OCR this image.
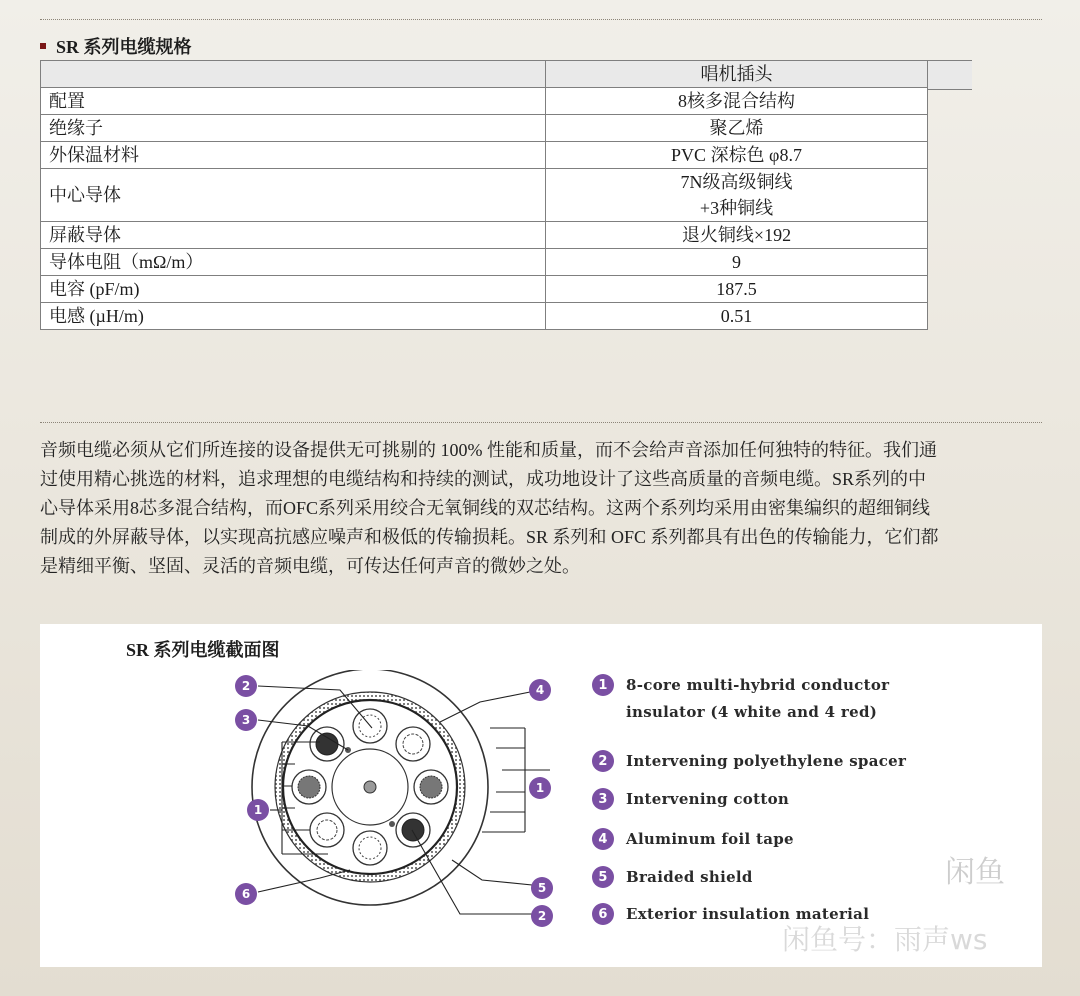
SR 系列电缆规格
	唱机插头
配置	8核多混合结构
绝缘子	聚乙烯
外保温材料	PVC 深棕色 φ8.7
中心导体	7N级高级铜线
+3种铜线

屏蔽导体	退火铜线×192
导体电阻（mΩ/m）	9
电容 (pF/m)	187.5
电感 (µH/m)	0.51
音频电缆必须从它们所连接的设备提供无可挑剔的 100% 性能和质量，而不会给声音添加任何独特的特征。我们通
过使用精心挑选的材料，追求理想的电缆结构和持续的测试，成功地设计了这些高质量的音频电缆。SR系列的中
心导体采用8芯多混合结构，而OFC系列采用绞合无氧铜线的双芯结构。这两个系列均采用由密集编织的超细铜线
制成的外屏蔽导体，以实现高抗感应噪声和极低的传输损耗。SR 系列和 OFC 系列都具有出色的传输能力，它们都
是精细平衡、坚固、灵活的音频电缆，可传达任何声音的微妙之处。
SR 系列电缆截面图
2
3
1
6
4
1
5
2
1	8-core multi-hybrid conductor
insulator (4 white and 4 red)
2	Intervening polyethylene spacer
3	Intervening cotton
4	Aluminum foil tape
5	Braided shield
6	Exterior insulation material
闲鱼
闲鱼号：雨声ws
